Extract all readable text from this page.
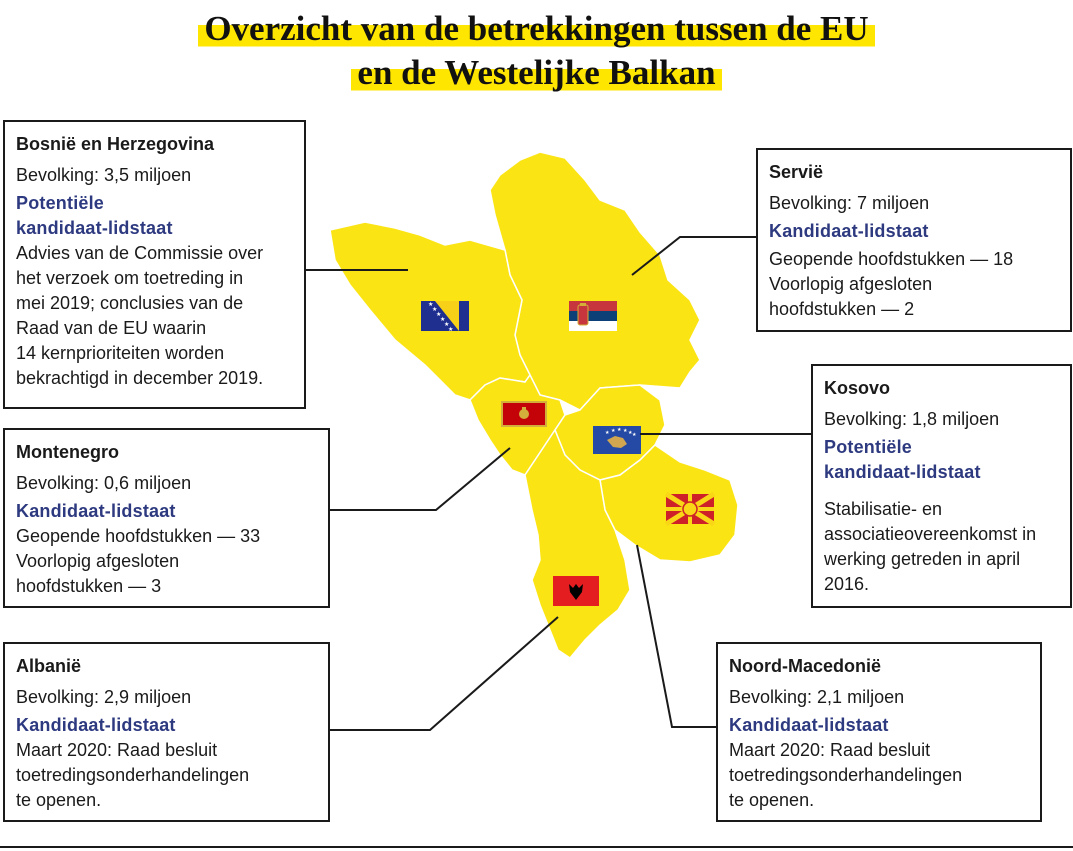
★
★
★
★
★
★
★ ★ ★ ★ ★ ★
Overzicht van de betrekkingen tussen de EU
en de Westelijke Balkan
Bosnië en Herzegovina
Bevolking: 3,5 miljoen
Potentiële
kandidaat-lidstaat
Advies van de Commissie over
het verzoek om toetreding in
mei 2019; conclusies van de
Raad van de EU waarin
14 kernprioriteiten worden
bekrachtigd in december 2019.
Servië
Bevolking: 7 miljoen
Kandidaat-lidstaat
Geopende hoofdstukken — 18
Voorlopig afgesloten
hoofdstukken — 2
Kosovo
Bevolking: 1,8 miljoen
Potentiële
kandidaat-lidstaat
Stabilisatie- en
associatieovereenkomst in
werking getreden in april
2016.
Montenegro
Bevolking: 0,6 miljoen
Kandidaat-lidstaat
Geopende hoofdstukken — 33
Voorlopig afgesloten
hoofdstukken — 3
Albanië
Bevolking: 2,9 miljoen
Kandidaat-lidstaat
Maart 2020: Raad besluit
toetredingsonderhandelingen
te openen.
Noord-Macedonië
Bevolking: 2,1 miljoen
Kandidaat-lidstaat
Maart 2020: Raad besluit
toetredingsonderhandelingen
te openen.
